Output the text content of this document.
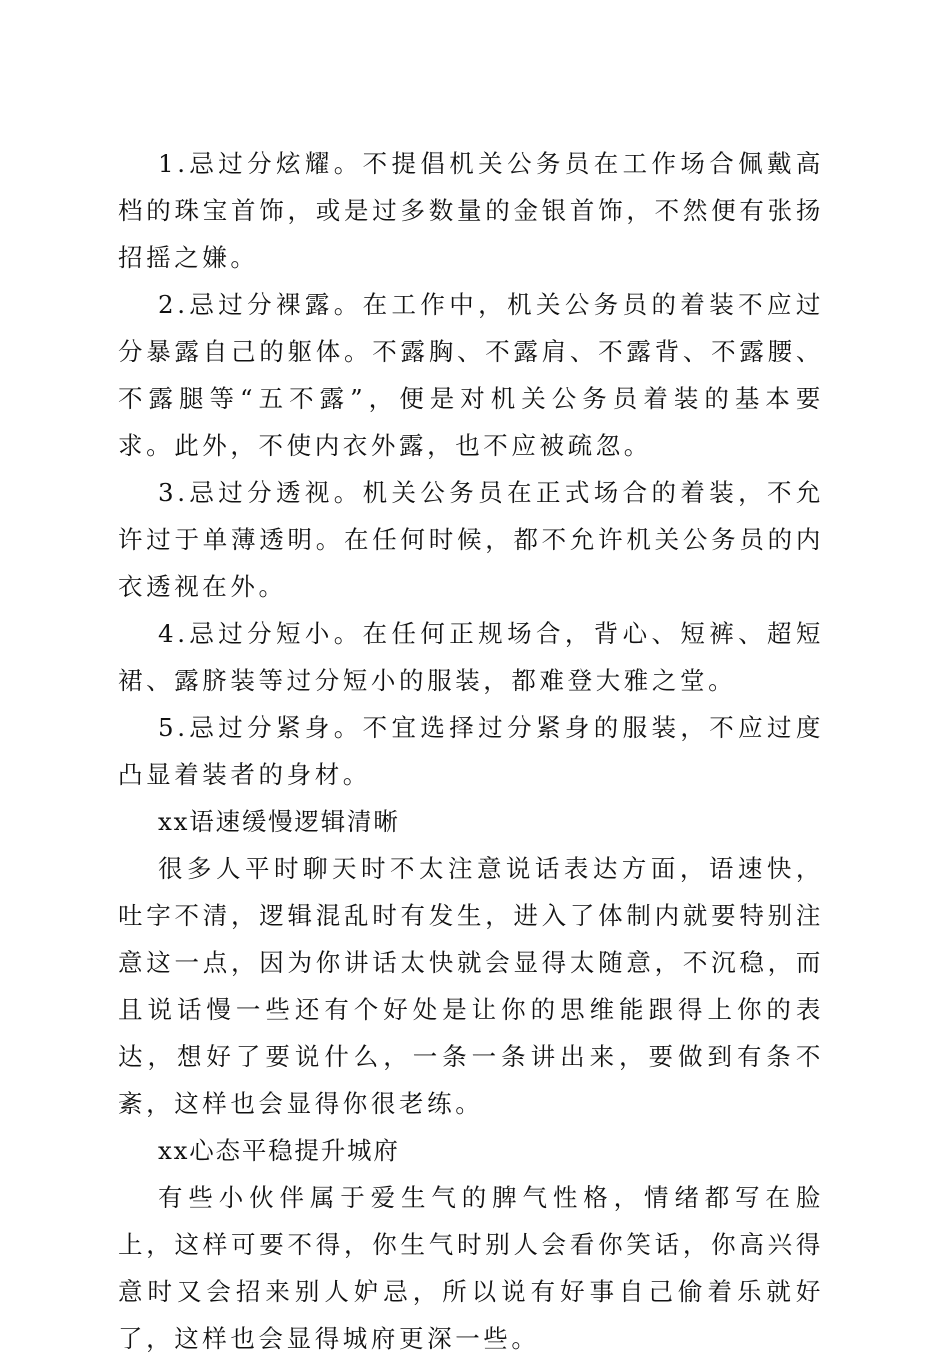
1.忌过分炫耀。不提倡机关公务员在工作场合佩戴高档的珠宝首饰，或是过多数量的金银首饰，不然便有张扬招摇之嫌。

2.忌过分裸露。在工作中，机关公务员的着装不应过分暴露自己的躯体。不露胸、不露肩、不露背、不露腰、不露腿等“五不露”，便是对机关公务员着装的基本要求。此外，不使内衣外露，也不应被疏忽。

3.忌过分透视。机关公务员在正式场合的着装，不允许过于单薄透明。在任何时候，都不允许机关公务员的内衣透视在外。

4.忌过分短小。在任何正规场合，背心、短裤、超短裙、露脐装等过分短小的服装，都难登大雅之堂。

5.忌过分紧身。不宜选择过分紧身的服装，不应过度凸显着装者的身材。

xx语速缓慢逻辑清晰

很多人平时聊天时不太注意说话表达方面，语速快，吐字不清，逻辑混乱时有发生，进入了体制内就要特别注意这一点，因为你讲话太快就会显得太随意，不沉稳，而且说话慢一些还有个好处是让你的思维能跟得上你的表达，想好了要说什么，一条一条讲出来，要做到有条不紊，这样也会显得你很老练。

xx心态平稳提升城府

有些小伙伴属于爱生气的脾气性格，情绪都写在脸上，这样可要不得，你生气时别人会看你笑话，你高兴得意时又会招来别人妒忌，所以说有好事自己偷着乐就好了，这样也会显得城府更深一些。
